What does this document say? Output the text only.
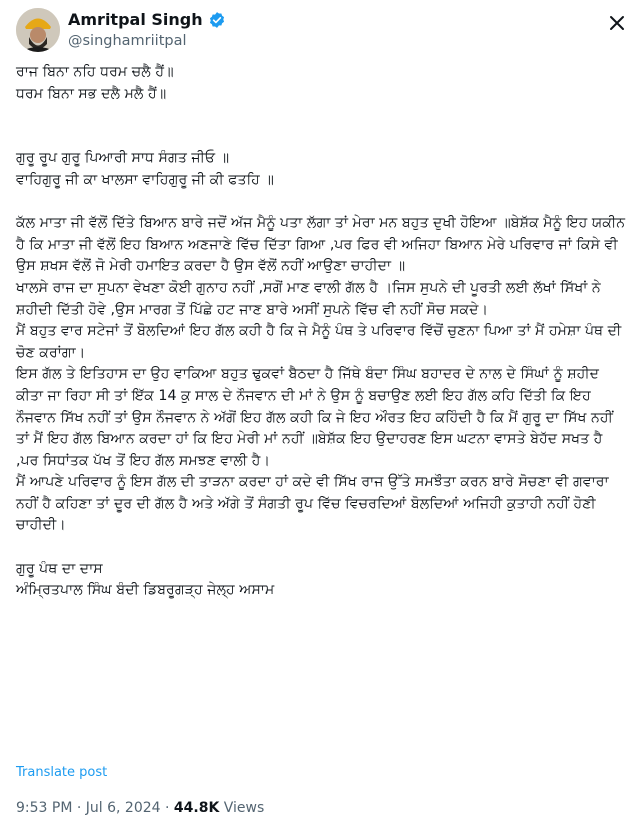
Amritpal Singh
@singhamriitpal

ਰਾਜ ਬਿਨਾ ਨਹਿ ਧਰਮ ਚਲੈ ਹੈਂ॥

ਧਰਮ ਬਿਨਾ ਸਭ ਦਲੈ ਮਲੈ ਹੈਂ॥

ਗੁਰੂ ਰੂਪ ਗੁਰੂ ਪਿਆਰੀ ਸਾਧ ਸੰਗਤ ਜੀਓ ॥

ਵਾਹਿਗੁਰੂ ਜੀ ਕਾ ਖਾਲਸਾ ਵਾਹਿਗੁਰੂ ਜੀ ਕੀ ਫਤਹਿ ॥

ਕੱਲ ਮਾਤਾ ਜੀ ਵੱਲੋਂ ਦਿੱਤੇ ਬਿਆਨ ਬਾਰੇ ਜਦੋਂ ਅੱਜ ਮੈਨੂੰ ਪਤਾ ਲੱਗਾ ਤਾਂ ਮੇਰਾ ਮਨ ਬਹੁਤ ਦੁਖੀ ਹੋਇਆ ॥ਬੇਸ਼ੱਕ ਮੈਨੂੰ ਇਹ ਯਕੀਨ ਹੈ ਕਿ ਮਾਤਾ ਜੀ ਵੱਲੋਂ ਇਹ ਬਿਆਨ ਅਣਜਾਣੇ ਵਿੱਚ ਦਿੱਤਾ ਗਿਆ ,ਪਰ ਫਿਰ ਵੀ ਅਜਿਹਾ ਬਿਆਨ ਮੇਰੇ ਪਰਿਵਾਰ ਜਾਂ ਕਿਸੇ ਵੀ ਉਸ ਸ਼ਖਸ ਵੱਲੋਂ ਜੋ ਮੇਰੀ ਹਮਾਇਤ ਕਰਦਾ ਹੈ ਉਸ ਵੱਲੋਂ ਨਹੀਂ ਆਉਣਾ ਚਾਹੀਦਾ ॥

ਖਾਲਸੇ ਰਾਜ ਦਾ ਸੁਪਨਾ ਵੇਖਣਾ ਕੋਈ ਗੁਨਾਹ ਨਹੀਂ ,ਸਗੋਂ ਮਾਣ ਵਾਲੀ ਗੱਲ ਹੈ ।ਜਿਸ ਸੁਪਨੇ ਦੀ ਪੂਰਤੀ ਲਈ ਲੱਖਾਂ ਸਿੱਖਾਂ ਨੇ ਸ਼ਹੀਦੀ ਦਿੱਤੀ ਹੋਵੇ ,ਉਸ ਮਾਰਗ ਤੋਂ ਪਿੱਛੇ ਹਟ ਜਾਣ ਬਾਰੇ ਅਸੀਂ ਸੁਪਨੇ ਵਿੱਚ ਵੀ ਨਹੀਂ ਸੋਚ ਸਕਦੇ।

ਮੈਂ ਬਹੁਤ ਵਾਰ ਸਟੇਜਾਂ ਤੋਂ ਬੋਲਦਿਆਂ ਇਹ ਗੱਲ ਕਹੀ ਹੈ ਕਿ ਜੇ ਮੈਨੂੰ ਪੰਥ ਤੇ ਪਰਿਵਾਰ ਵਿੱਚੋਂ ਚੁਣਨਾ ਪਿਆ ਤਾਂ ਮੈਂ ਹਮੇਸ਼ਾ ਪੰਥ ਦੀ ਚੋਣ ਕਰਾਂਗਾ।

ਇਸ ਗੱਲ ਤੇ ਇਤਿਹਾਸ ਦਾ ਉਹ ਵਾਕਿਆ ਬਹੁਤ ਢੁਕਵਾਂ ਬੈਠਦਾ ਹੈ ਜਿੱਥੇ ਬੰਦਾ ਸਿੰਘ ਬਹਾਦਰ ਦੇ ਨਾਲ ਦੇ ਸਿੰਘਾਂ ਨੂੰ ਸ਼ਹੀਦ ਕੀਤਾ ਜਾ ਰਿਹਾ ਸੀ ਤਾਂ ਇੱਕ 14 ਕੁ ਸਾਲ ਦੇ ਨੌਜਵਾਨ ਦੀ ਮਾਂ ਨੇ ਉਸ ਨੂੰ ਬਚਾਉਣ ਲਈ ਇਹ ਗੱਲ ਕਹਿ ਦਿੱਤੀ ਕਿ ਇਹ ਨੌਜਵਾਨ ਸਿੱਖ ਨਹੀਂ ਤਾਂ ਉਸ ਨੌਜਵਾਨ ਨੇ ਅੱਗੋਂ ਇਹ ਗੱਲ ਕਹੀ ਕਿ ਜੇ ਇਹ ਔਰਤ ਇਹ ਕਹਿੰਦੀ ਹੈ ਕਿ ਮੈਂ ਗੁਰੂ ਦਾ ਸਿੱਖ ਨਹੀਂ ਤਾਂ ਮੈਂ ਇਹ ਗੱਲ ਬਿਆਨ ਕਰਦਾ ਹਾਂ ਕਿ ਇਹ ਮੇਰੀ ਮਾਂ ਨਹੀਂ ॥ਬੇਸ਼ੱਕ ਇਹ ਉਦਾਹਰਣ ਇਸ ਘਟਨਾ ਵਾਸਤੇ ਬੇਹੱਦ ਸਖਤ ਹੈ ,ਪਰ ਸਿਧਾਂਤਕ ਪੱਖ ਤੋਂ ਇਹ ਗੱਲ ਸਮਝਣ ਵਾਲੀ ਹੈ।

ਮੈਂ ਆਪਣੇ ਪਰਿਵਾਰ ਨੂੰ ਇਸ ਗੱਲ ਦੀ ਤਾੜਨਾ ਕਰਦਾ ਹਾਂ ਕਦੇ ਵੀ ਸਿੱਖ ਰਾਜ ਉੱਤੇ ਸਮਝੌਤਾ ਕਰਨ ਬਾਰੇ ਸੋਚਣਾ ਵੀ ਗਵਾਰਾ ਨਹੀਂ ਹੈ ਕਹਿਣਾ ਤਾਂ ਦੂਰ ਦੀ ਗੱਲ ਹੈ ਅਤੇ ਅੱਗੇ ਤੋਂ ਸੰਗਤੀ ਰੂਪ ਵਿੱਚ ਵਿਚਰਦਿਆਂ ਬੋਲਦਿਆਂ ਅਜਿਹੀ ਕੁਤਾਹੀ ਨਹੀਂ ਹੋਣੀ ਚਾਹੀਦੀ।

ਗੁਰੂ ਪੰਥ ਦਾ ਦਾਸ

ਅੰਮ੍ਰਿਤਪਾਲ ਸਿੰਘ ਬੰਦੀ ਡਿਬਰੂਗੜ੍ਹ ਜੇਲ੍ਹ ਅਸਾਮ

Translate post
9:53 PM · Jul 6, 2024 · 44.8K Views
